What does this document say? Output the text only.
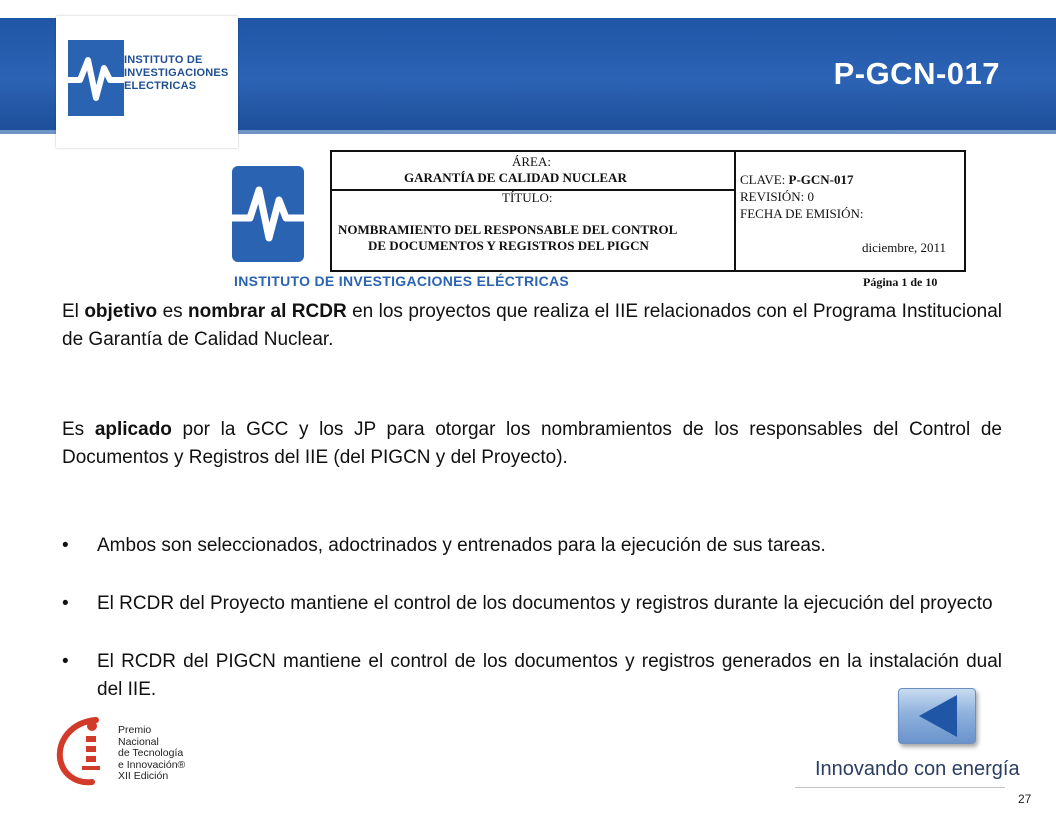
INSTITUTO DE
INVESTIGACIONES
ELECTRICAS	P-GCN-017
ÁREA:
GARANTÍA DE CALIDAD NUCLEAR
TÍTULO:
NOMBRAMIENTO DEL RESPONSABLE DEL CONTROL
DE DOCUMENTOS Y REGISTROS DEL PIGCN
CLAVE: P-GCN-017
REVISIÓN: 0
FECHA DE EMISIÓN:
diciembre, 2011
INSTITUTO DE INVESTIGACIONES ELÉCTRICAS	Página 1 de 10
El objetivo es nombrar al RCDR en los proyectos que realiza el IIE relacionados con el Programa Institucional de Garantía de Calidad Nuclear.
Es aplicado por la GCC y los JP para otorgar los nombramientos de los responsables del Control de Documentos y Registros del IIE (del PIGCN y del Proyecto).
• Ambos son seleccionados, adoctrinados y entrenados para la ejecución de sus tareas.
• El RCDR del Proyecto mantiene el control de los documentos y registros durante la ejecución del proyecto
• El RCDR del PIGCN mantiene el control de los documentos y registros generados en la instalación dual del IIE.
Premio
Nacional
de Tecnología
e Innovación®
XII Edición	Innovando con energía
27
